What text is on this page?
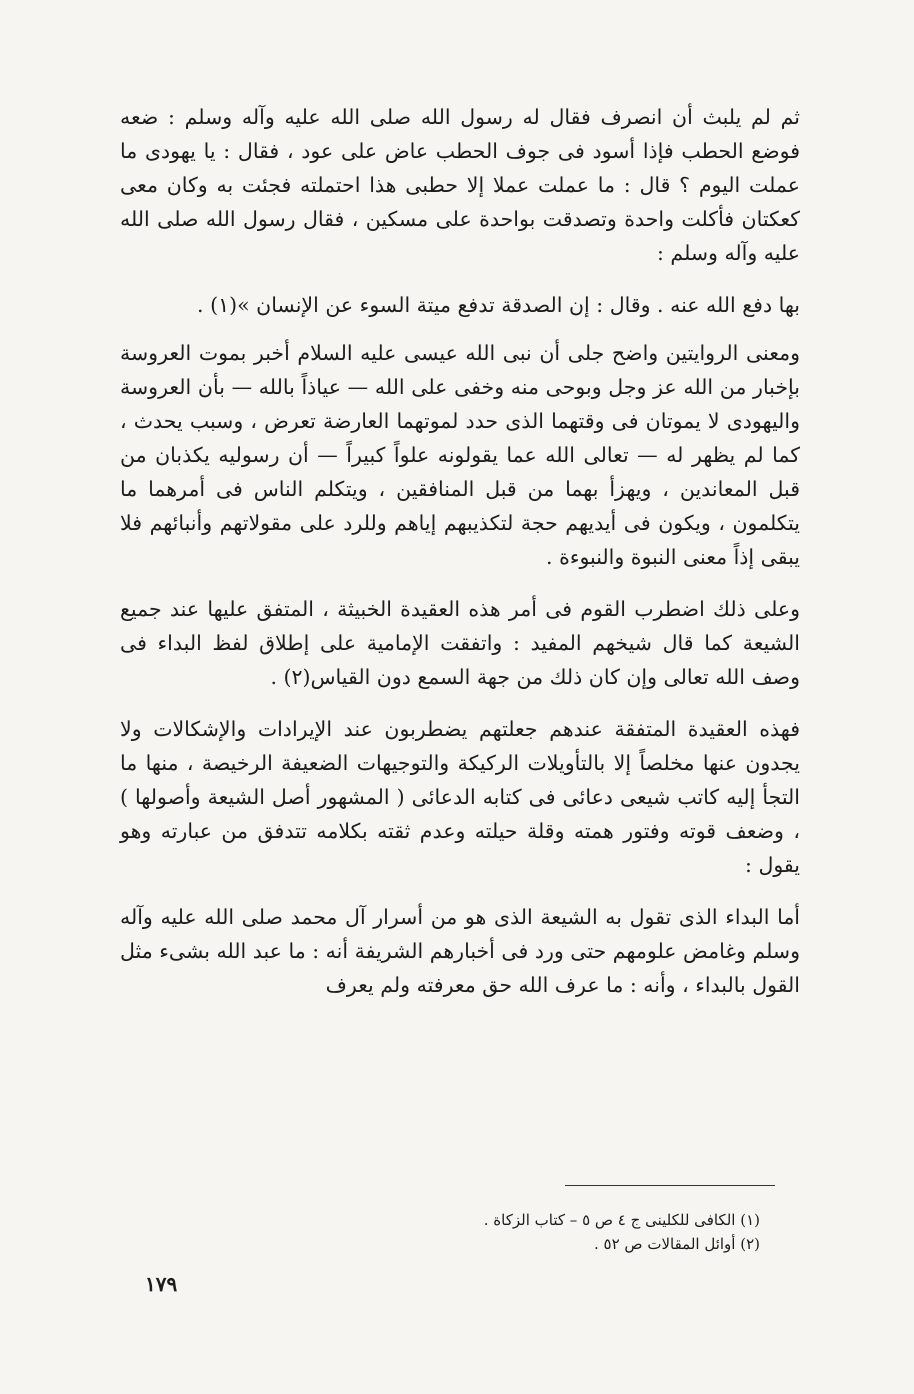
ثم لم يلبث أن انصرف فقال له رسول الله صلى الله عليه وآله وسلم : ضعه فوضع الحطب فإذا أسود فى جوف الحطب عاض على عود ، فقال : يا يهودى ما عملت اليوم ؟ قال : ما عملت عملا إلا حطبى هذا احتملته فجئت به وكان معى كعكتان فأكلت واحدة وتصدقت بواحدة على مسكين ، فقال رسول الله صلى الله عليه وآله وسلم :

بها دفع الله عنه . وقال : إن الصدقة تدفع ميتة السوء عن الإنسان »(١) .

ومعنى الروايتين واضح جلى أن نبى الله عيسى عليه السلام أخبر بموت العروسة بإخبار من الله عز وجل وبوحى منه وخفى على الله — عياذاً بالله — بأن العروسة واليهودى لا يموتان فى وقتهما الذى حدد لموتهما العارضة تعرض ، وسبب يحدث ، كما لم يظهر له — تعالى الله عما يقولونه علواً كبيراً — أن رسوليه يكذبان من قبل المعاندين ، ويهزأ بهما من قبل المنافقين ، ويتكلم الناس فى أمرهما ما يتكلمون ، ويكون فى أيديهم حجة لتكذيبهم إياهم وللرد على مقولاتهم وأنبائهم فلا يبقى إذاً معنى النبوة والنبوءة .

وعلى ذلك اضطرب القوم فى أمر هذه العقيدة الخبيثة ، المتفق عليها عند جميع الشيعة كما قال شيخهم المفيد : واتفقت الإمامية على إطلاق لفظ البداء فى وصف الله تعالى وإن كان ذلك من جهة السمع دون القياس(٢) .

فهذه العقيدة المتفقة عندهم جعلتهم يضطربون عند الإيرادات والإشكالات ولا يجدون عنها مخلصاً إلا بالتأويلات الركيكة والتوجيهات الضعيفة الرخيصة ، منها ما التجأ إليه كاتب شيعى دعائى فى كتابه الدعائى ( المشهور أصل الشيعة وأصولها ) ، وضعف قوته وفتور همته وقلة حيلته وعدم ثقته بكلامه تتدفق من عبارته وهو يقول :

أما البداء الذى تقول به الشيعة الذى هو من أسرار آل محمد صلى الله عليه وآله وسلم وغامض علومهم حتى ورد فى أخبارهم الشريفة أنه : ما عبد الله بشىء مثل القول بالبداء ، وأنه : ما عرف الله حق معرفته ولم يعرف

(١) الكافى للكلينى ج ٤ ص ٥ – كتاب الزكاة .

(٢) أوائل المقالات ص ٥٢ .

١٧٩
